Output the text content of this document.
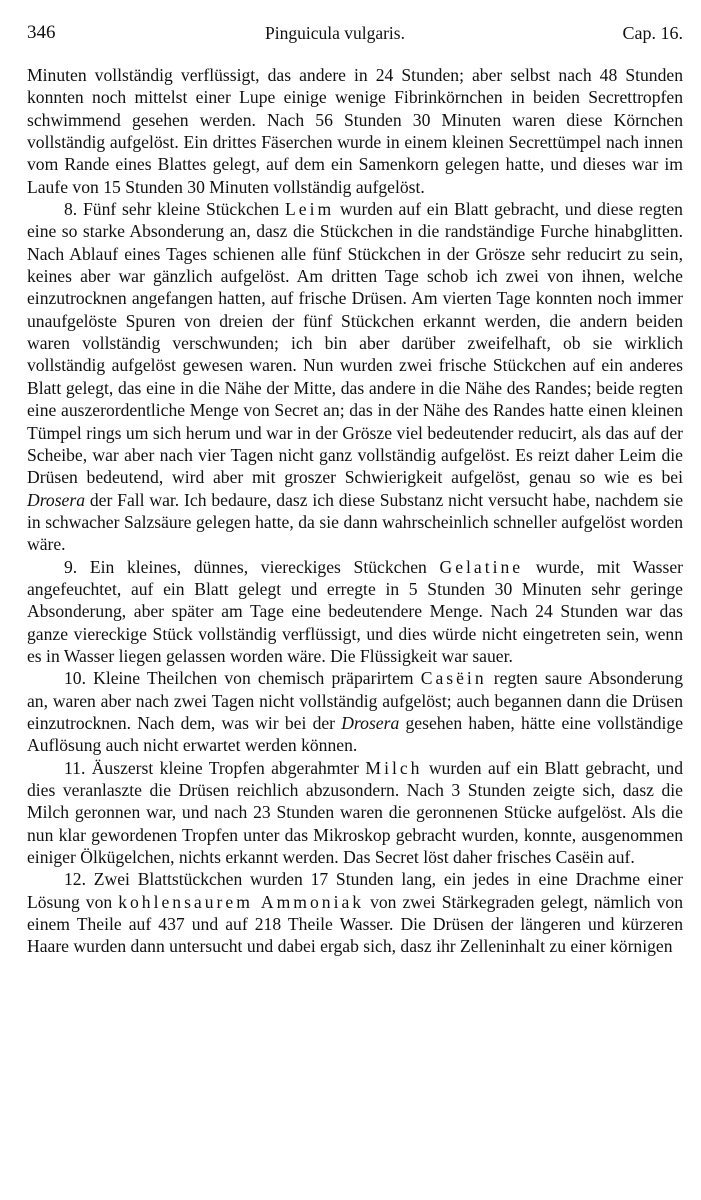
346	Pinguicula vulgaris.	Cap. 16.

Minuten vollständig verflüssigt, das andere in 24 Stunden; aber selbst nach 48 Stunden konnten noch mittelst einer Lupe einige wenige Fibrinkörnchen in beiden Secrettropfen schwimmend gesehen werden. Nach 56 Stunden 30 Minuten waren diese Körnchen vollständig aufgelöst. Ein drittes Fäserchen wurde in einem kleinen Secrettümpel nach innen vom Rande eines Blattes gelegt, auf dem ein Samenkorn gelegen hatte, und dieses war im Laufe von 15 Stunden 30 Minuten vollständig aufgelöst.

8. Fünf sehr kleine Stückchen Leim wurden auf ein Blatt gebracht, und diese regten eine so starke Absonderung an, dasz die Stückchen in die randständige Furche hinabglitten. Nach Ablauf eines Tages schienen alle fünf Stückchen in der Grösze sehr reducirt zu sein, keines aber war gänzlich aufgelöst. Am dritten Tage schob ich zwei von ihnen, welche einzutrocknen angefangen hatten, auf frische Drüsen. Am vierten Tage konnten noch immer unaufgelöste Spuren von dreien der fünf Stückchen erkannt werden, die andern beiden waren vollständig verschwunden; ich bin aber darüber zweifelhaft, ob sie wirklich vollständig aufgelöst gewesen waren. Nun wurden zwei frische Stückchen auf ein anderes Blatt gelegt, das eine in die Nähe der Mitte, das andere in die Nähe des Randes; beide regten eine auszerordentliche Menge von Secret an; das in der Nähe des Randes hatte einen kleinen Tümpel rings um sich herum und war in der Grösze viel bedeutender reducirt, als das auf der Scheibe, war aber nach vier Tagen nicht ganz vollständig aufgelöst. Es reizt daher Leim die Drüsen bedeutend, wird aber mit groszer Schwierigkeit aufgelöst, genau so wie es bei Drosera der Fall war. Ich bedaure, dasz ich diese Substanz nicht versucht habe, nachdem sie in schwacher Salzsäure gelegen hatte, da sie dann wahrscheinlich schneller aufgelöst worden wäre.

9. Ein kleines, dünnes, viereckiges Stückchen Gelatine wurde, mit Wasser angefeuchtet, auf ein Blatt gelegt und erregte in 5 Stunden 30 Minuten sehr geringe Absonderung, aber später am Tage eine bedeutendere Menge. Nach 24 Stunden war das ganze viereckige Stück vollständig verflüssigt, und dies würde nicht eingetreten sein, wenn es in Wasser liegen gelassen worden wäre. Die Flüssigkeit war sauer.

10. Kleine Theilchen von chemisch präparirtem Casëin regten saure Absonderung an, waren aber nach zwei Tagen nicht vollständig aufgelöst; auch begannen dann die Drüsen einzutrocknen. Nach dem, was wir bei der Drosera gesehen haben, hätte eine vollständige Auflösung auch nicht erwartet werden können.

11. Äuszerst kleine Tropfen abgerahmter Milch wurden auf ein Blatt gebracht, und dies veranlaszte die Drüsen reichlich abzusondern. Nach 3 Stunden zeigte sich, dasz die Milch geronnen war, und nach 23 Stunden waren die geronnenen Stücke aufgelöst. Als die nun klar gewordenen Tropfen unter das Mikroskop gebracht wurden, konnte, ausgenommen einiger Ölkügelchen, nichts erkannt werden. Das Secret löst daher frisches Casëin auf.

12. Zwei Blattstückchen wurden 17 Stunden lang, ein jedes in eine Drachme einer Lösung von kohlensaurem Ammoniak von zwei Stärkegraden gelegt, nämlich von einem Theile auf 437 und auf 218 Theile Wasser. Die Drüsen der längeren und kürzeren Haare wurden dann untersucht und dabei ergab sich, dasz ihr Zelleninhalt zu einer körnigen
